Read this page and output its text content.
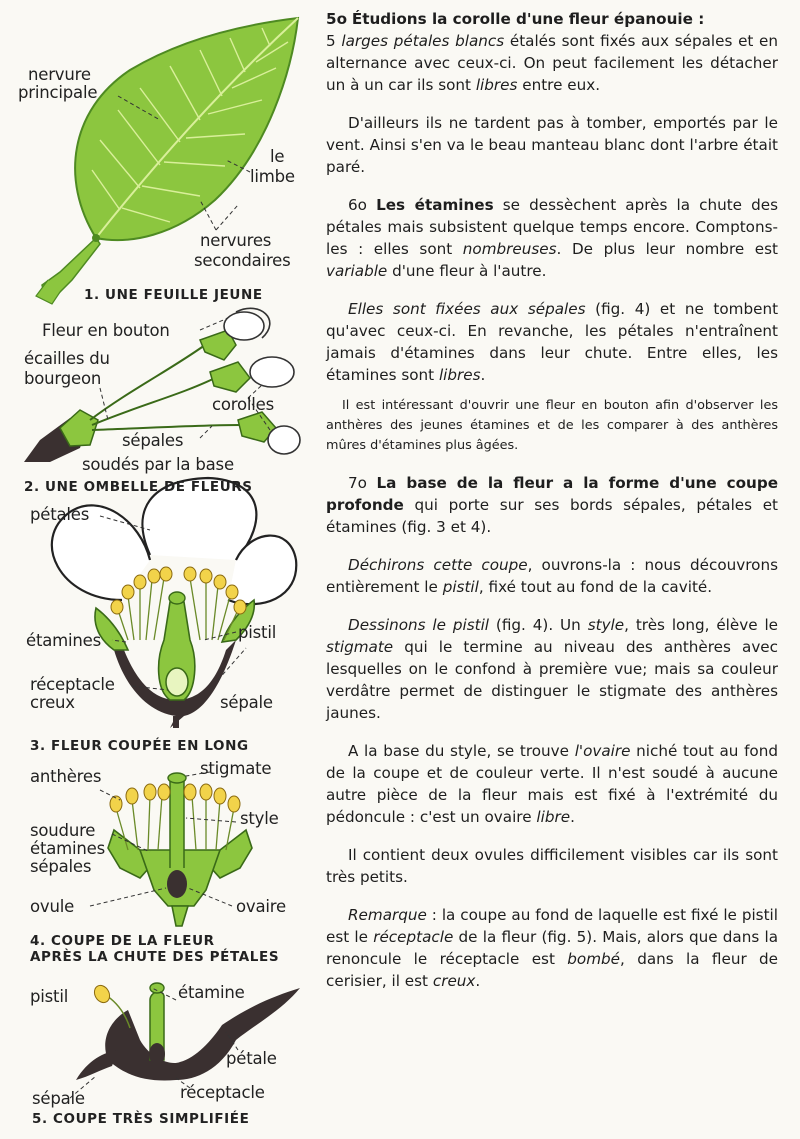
nervure
principale
le
limbe
nervures
secondaires
1. UNE FEUILLE JEUNE
Fleur en bouton
écailles du
bourgeon
corolles
sépales
soudés par la base
2. UNE OMBELLE DE FLEURS
pétales
étamines	pistil
réceptacle
creux	sépale
3. FLEUR COUPÉE EN LONG
anthères	stigmate
style
soudure
étamines
sépales
ovule	ovaire
4. COUPE DE LA FLEUR
APRÈS LA CHUTE DES PÉTALES
pistil	étamine
pétale
réceptacle
sépale
5. COUPE TRÈS SIMPLIFIÉE

5o Étudions la corolle d'une fleur épanouie :
5 larges pétales blancs étalés sont fixés aux sépales et en alternance avec ceux-ci. On peut facilement les détacher un à un car ils sont libres entre eux.

D'ailleurs ils ne tardent pas à tomber, emportés par le vent. Ainsi s'en va le beau manteau blanc dont l'arbre était paré.

6o Les étamines se dessèchent après la chute des pétales mais subsistent quelque temps encore. Comptons-les : elles sont nombreuses. De plus leur nombre est variable d'une fleur à l'autre.

Elles sont fixées aux sépales (fig. 4) et ne tombent qu'avec ceux-ci. En revanche, les pétales n'entraînent jamais d'étamines dans leur chute. Entre elles, les étamines sont libres.

Il est intéressant d'ouvrir une fleur en bouton afin d'observer les anthères des jeunes étamines et de les comparer à des anthères mûres d'étamines plus âgées.

7o La base de la fleur a la forme d'une coupe profonde qui porte sur ses bords sépales, pétales et étamines (fig. 3 et 4).

Déchirons cette coupe, ouvrons-la : nous découvrons entièrement le pistil, fixé tout au fond de la cavité.

Dessinons le pistil (fig. 4). Un style, très long, élève le stigmate qui le termine au niveau des anthères avec lesquelles on le confond à première vue; mais sa couleur verdâtre permet de distinguer le stigmate des anthères jaunes.

A la base du style, se trouve l'ovaire niché tout au fond de la coupe et de couleur verte. Il n'est soudé à aucune autre pièce de la fleur mais est fixé à l'extrémité du pédoncule : c'est un ovaire libre.

Il contient deux ovules difficilement visibles car ils sont très petits.

Remarque : la coupe au fond de laquelle est fixé le pistil est le réceptacle de la fleur (fig. 5). Mais, alors que dans la renoncule le réceptacle est bombé, dans la fleur de cerisier, il est creux.
